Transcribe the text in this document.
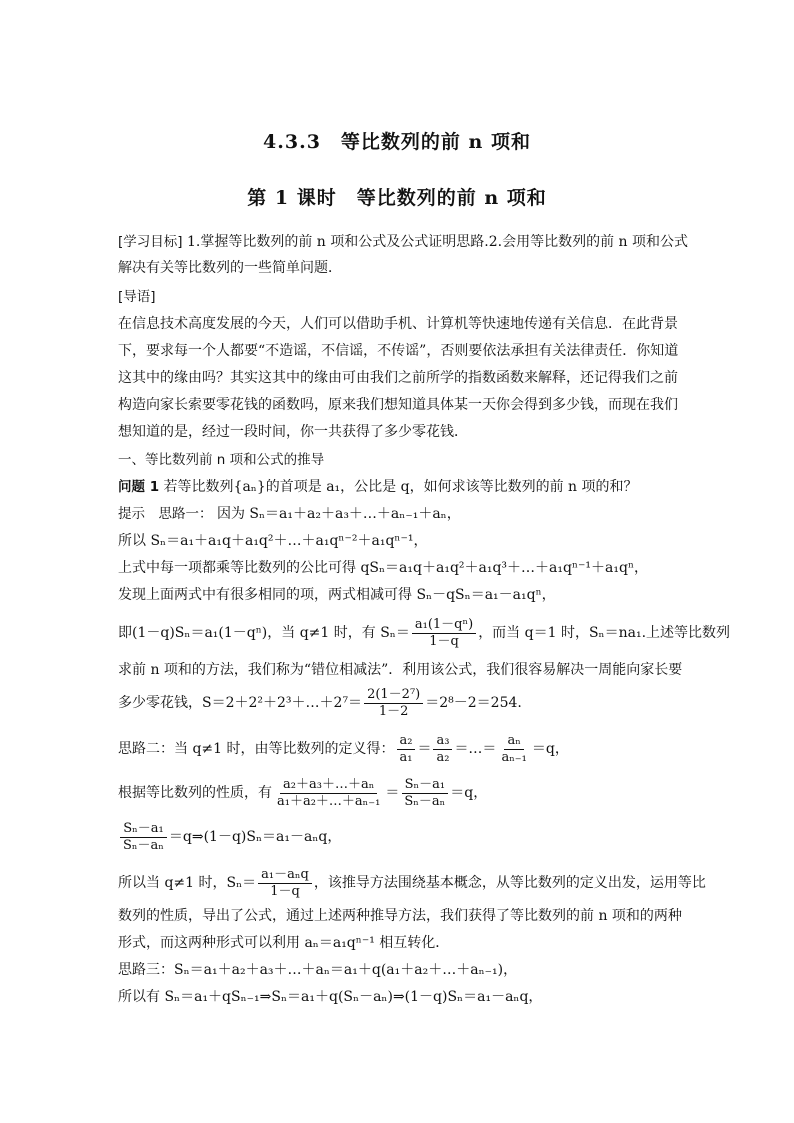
4.3.3　等比数列的前 n 项和
第 1 课时　等比数列的前 n 项和
[学习目标] 1.掌握等比数列的前 n 项和公式及公式证明思路.2.会用等比数列的前 n 项和公式
解决有关等比数列的一些简单问题．
[导语]
在信息技术高度发展的今天，人们可以借助手机、计算机等快速地传递有关信息．在此背景
下，要求每一个人都要“不造谣，不信谣，不传谣”，否则要依法承担有关法律责任．你知道
这其中的缘由吗？其实这其中的缘由可由我们之前所学的指数函数来解释，还记得我们之前
构造向家长索要零花钱的函数吗，原来我们想知道具体某一天你会得到多少钱，而现在我们
想知道的是，经过一段时间，你一共获得了多少零花钱．
一、等比数列前 n 项和公式的推导
问题 1 若等比数列{aₙ}的首项是 a₁，公比是 q，如何求该等比数列的前 n 项的和？
提示　思路一： 因为 Sₙ＝a₁＋a₂＋a₃＋…＋aₙ₋₁＋aₙ，
所以 Sₙ＝a₁＋a₁q＋a₁q²＋…＋a₁qⁿ⁻²＋a₁qⁿ⁻¹，
上式中每一项都乘等比数列的公比可得 qSₙ＝a₁q＋a₁q²＋a₁q³＋…＋a₁qⁿ⁻¹＋a₁qⁿ，
发现上面两式中有很多相同的项，两式相减可得 Sₙ－qSₙ＝a₁－a₁qⁿ，
即(1－q)Sₙ＝a₁(1－qⁿ)，当 q≠1 时，有 $S_n= \frac{\text{a₁(1－qⁿ)}}{1-q}$ ，而当 q＝1 时，Sₙ＝na₁.上述等比数列
求前 n 项和的方法，我们称为“错位相减法”．利用该公式，我们很容易解决一周能向家长要
多少零花钱，S＝2＋2²＋2³＋…＋2⁷＝ $\frac{\text{2(1－2⁷)}}{1-2} =2^8-2=254$.
思路二：当 q≠1 时，由等比数列的定义得： $\frac{\text{a₂}}{\text{a₁}} = \frac{\text{a₃}}{\text{a₂}}$ ＝…＝ $\frac{\text{aₙ}}{\text{aₙ₋₁}} =q$，
根据等比数列的性质，有 $\frac{\text{a₂＋a₃＋…＋aₙ}}{\text{a₁＋a₂＋…＋aₙ₋₁}} = \frac{\text{Sₙ－a₁}}{\text{Sₙ－aₙ}} =q$，
$\frac{\text{Sₙ－a₁}}{\text{Sₙ－aₙ}}$ ＝q⇒(1－q)Sₙ＝a₁－aₙq，
所以当 q≠1 时，$S_n= \frac{\text{a₁－aₙq}}{1-q}$ ，该推导方法围绕基本概念，从等比数列的定义出发，运用等比
数列的性质，导出了公式，通过上述两种推导方法，我们获得了等比数列的前 n 项和的两种
形式，而这两种形式可以利用 aₙ＝a₁qⁿ⁻¹ 相互转化．
思路三：Sₙ＝a₁＋a₂＋a₃＋…＋aₙ＝a₁＋q(a₁＋a₂＋…＋aₙ₋₁)，
所以有 Sₙ＝a₁＋qSₙ₋₁⇒Sₙ＝a₁＋q(Sₙ－aₙ)⇒(1－q)Sₙ＝a₁－aₙq，
